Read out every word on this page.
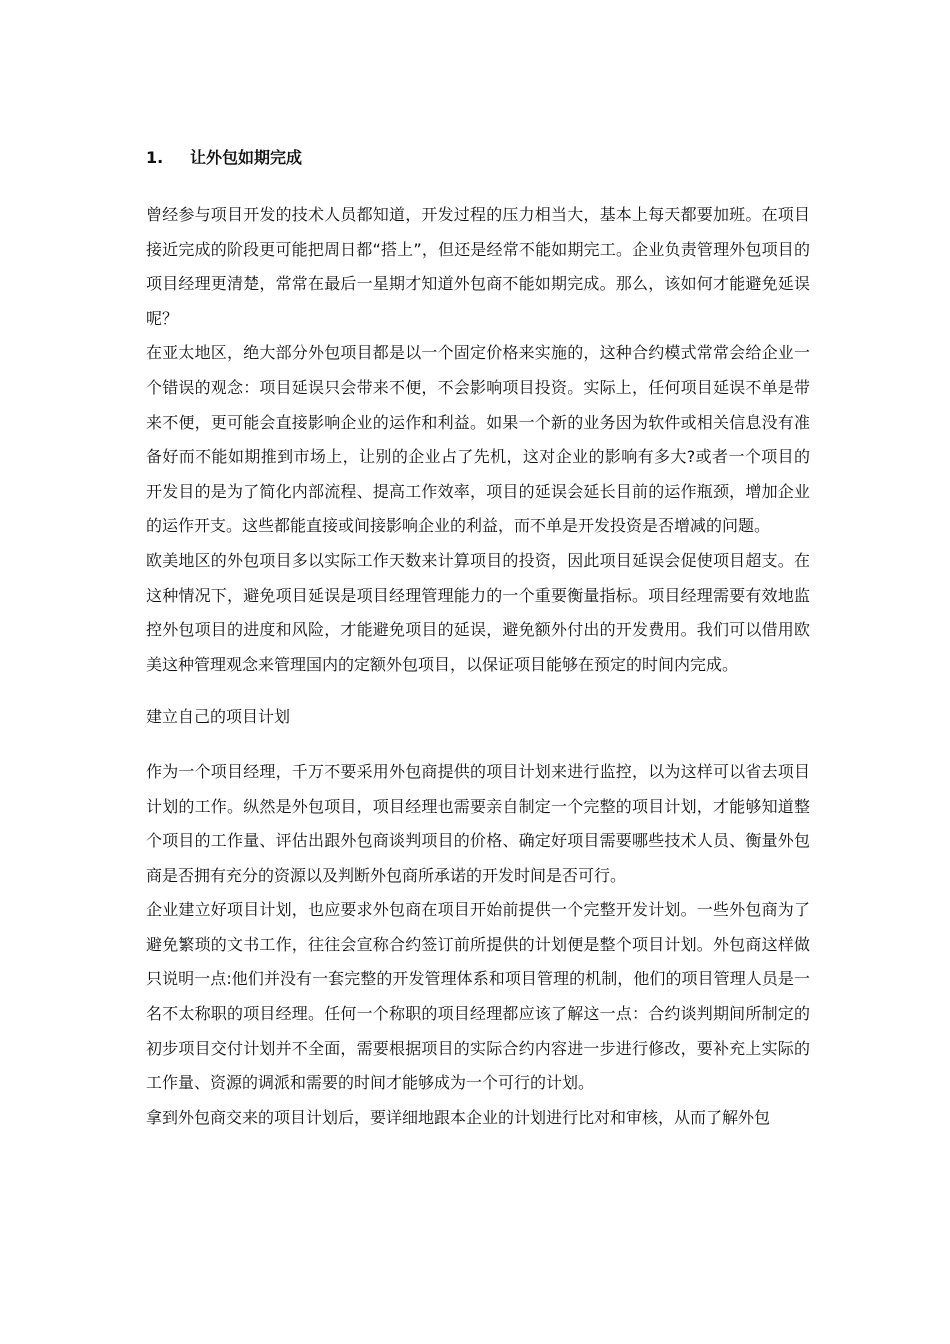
1. 让外包如期完成

曾经参与项目开发的技术人员都知道，开发过程的压力相当大，基本上每天都要加班。在项目接近完成的阶段更可能把周日都“搭上”，但还是经常不能如期完工。企业负责管理外包项目的项目经理更清楚，常常在最后一星期才知道外包商不能如期完成。那么，该如何才能避免延误呢？

在亚太地区，绝大部分外包项目都是以一个固定价格来实施的，这种合约模式常常会给企业一个错误的观念：项目延误只会带来不便，不会影响项目投资。实际上，任何项目延误不单是带来不便，更可能会直接影响企业的运作和利益。如果一个新的业务因为软件或相关信息没有准备好而不能如期推到市场上，让别的企业占了先机，这对企业的影响有多大?或者一个项目的开发目的是为了简化内部流程、提高工作效率，项目的延误会延长目前的运作瓶颈，增加企业的运作开支。这些都能直接或间接影响企业的利益，而不单是开发投资是否增减的问题。

欧美地区的外包项目多以实际工作天数来计算项目的投资，因此项目延误会促使项目超支。在这种情况下，避免项目延误是项目经理管理能力的一个重要衡量指标。项目经理需要有效地监控外包项目的进度和风险，才能避免项目的延误，避免额外付出的开发费用。我们可以借用欧美这种管理观念来管理国内的定额外包项目，以保证项目能够在预定的时间内完成。

建立自己的项目计划

作为一个项目经理，千万不要采用外包商提供的项目计划来进行监控，以为这样可以省去项目计划的工作。纵然是外包项目，项目经理也需要亲自制定一个完整的项目计划，才能够知道整个项目的工作量、评估出跟外包商谈判项目的价格、确定好项目需要哪些技术人员、衡量外包商是否拥有充分的资源以及判断外包商所承诺的开发时间是否可行。

企业建立好项目计划，也应要求外包商在项目开始前提供一个完整开发计划。一些外包商为了避免繁琐的文书工作，往往会宣称合约签订前所提供的计划便是整个项目计划。外包商这样做只说明一点:他们并没有一套完整的开发管理体系和项目管理的机制，他们的项目管理人员是一名不太称职的项目经理。任何一个称职的项目经理都应该了解这一点：合约谈判期间所制定的初步项目交付计划并不全面，需要根据项目的实际合约内容进一步进行修改，要补充上实际的工作量、资源的调派和需要的时间才能够成为一个可行的计划。

拿到外包商交来的项目计划后，要详细地跟本企业的计划进行比对和审核，从而了解外包
